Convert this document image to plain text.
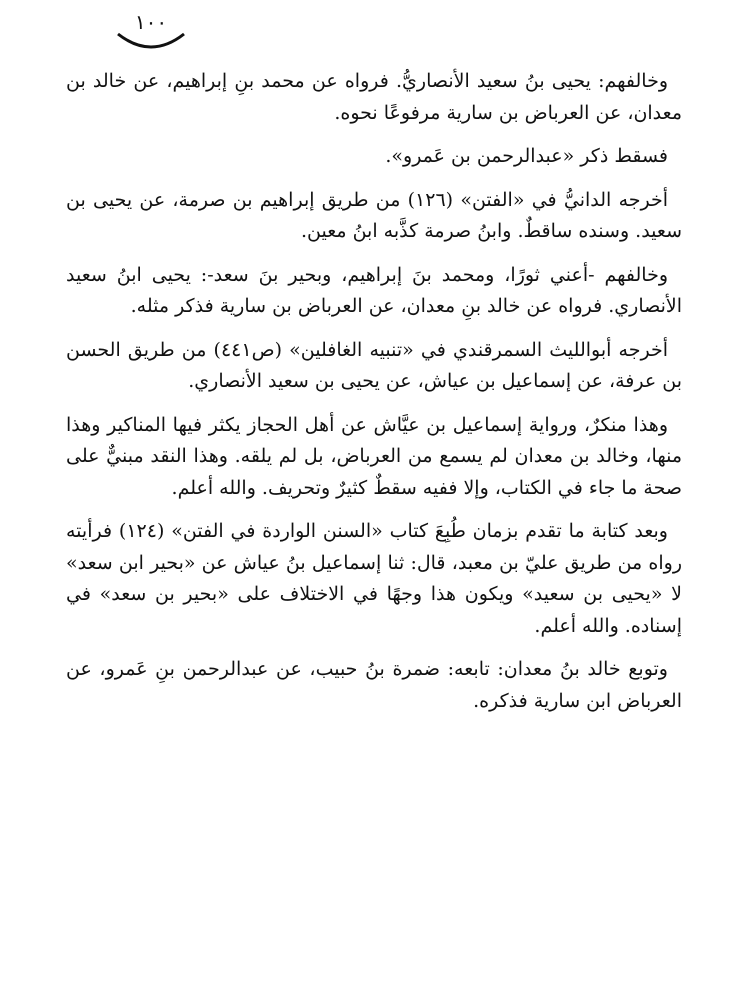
١٠٠

وخالفهم: يحيى بنُ سعيد الأنصاريُّ. فرواه عن محمد بنِ إبراهيم، عن خالد بن معدان، عن العرباض بن سارية مرفوعًا نحوه.

فسقط ذكر «عبدالرحمن بن عَمرو».

أخرجه الدانيُّ في «الفتن» (١٢٦) من طريق إبراهيم بن صرمة، عن يحيى بن سعيد. وسنده ساقطٌ. وابنُ صرمة كذَّبه ابنُ معين.

وخالفهم -أعني ثورًا، ومحمد بنَ إبراهيم، وبحير بنَ سعد-: يحيى ابنُ سعيد الأنصاري. فرواه عن خالد بنِ معدان، عن العرباض بن سارية فذكر مثله.

أخرجه أبوالليث السمرقندي في «تنبيه الغافلين» (ص٤٤١) من طريق الحسن بن عرفة، عن إسماعيل بن عياش، عن يحيى بن سعيد الأنصاري.

وهذا منكرٌ، ورواية إسماعيل بن عيَّاش عن أهل الحجاز يكثر فيها المناكير وهذا منها، وخالد بن معدان لم يسمع من العرباض، بل لم يلقه. وهذا النقد مبنيٌّ على صحة ما جاء في الكتاب، وإلا ففيه سقطٌ كثيرٌ وتحريف. والله أعلم.

وبعد كتابة ما تقدم بزمان طُبِعَ كتاب «السنن الواردة في الفتن» (١٢٤) فرأيته رواه من طريق عليّ بن معبد، قال: ثنا إسماعيل بنُ عياش عن «بحير ابن سعد» لا «يحيى بن سعيد» ويكون هذا وجهًا في الاختلاف على «بحير بن سعد» في إسناده. والله أعلم.

وتوبع خالد بنُ معدان: تابعه: ضمرة بنُ حبيب، عن عبدالرحمن بنِ عَمرو، عن العرباض ابن سارية فذكره.
